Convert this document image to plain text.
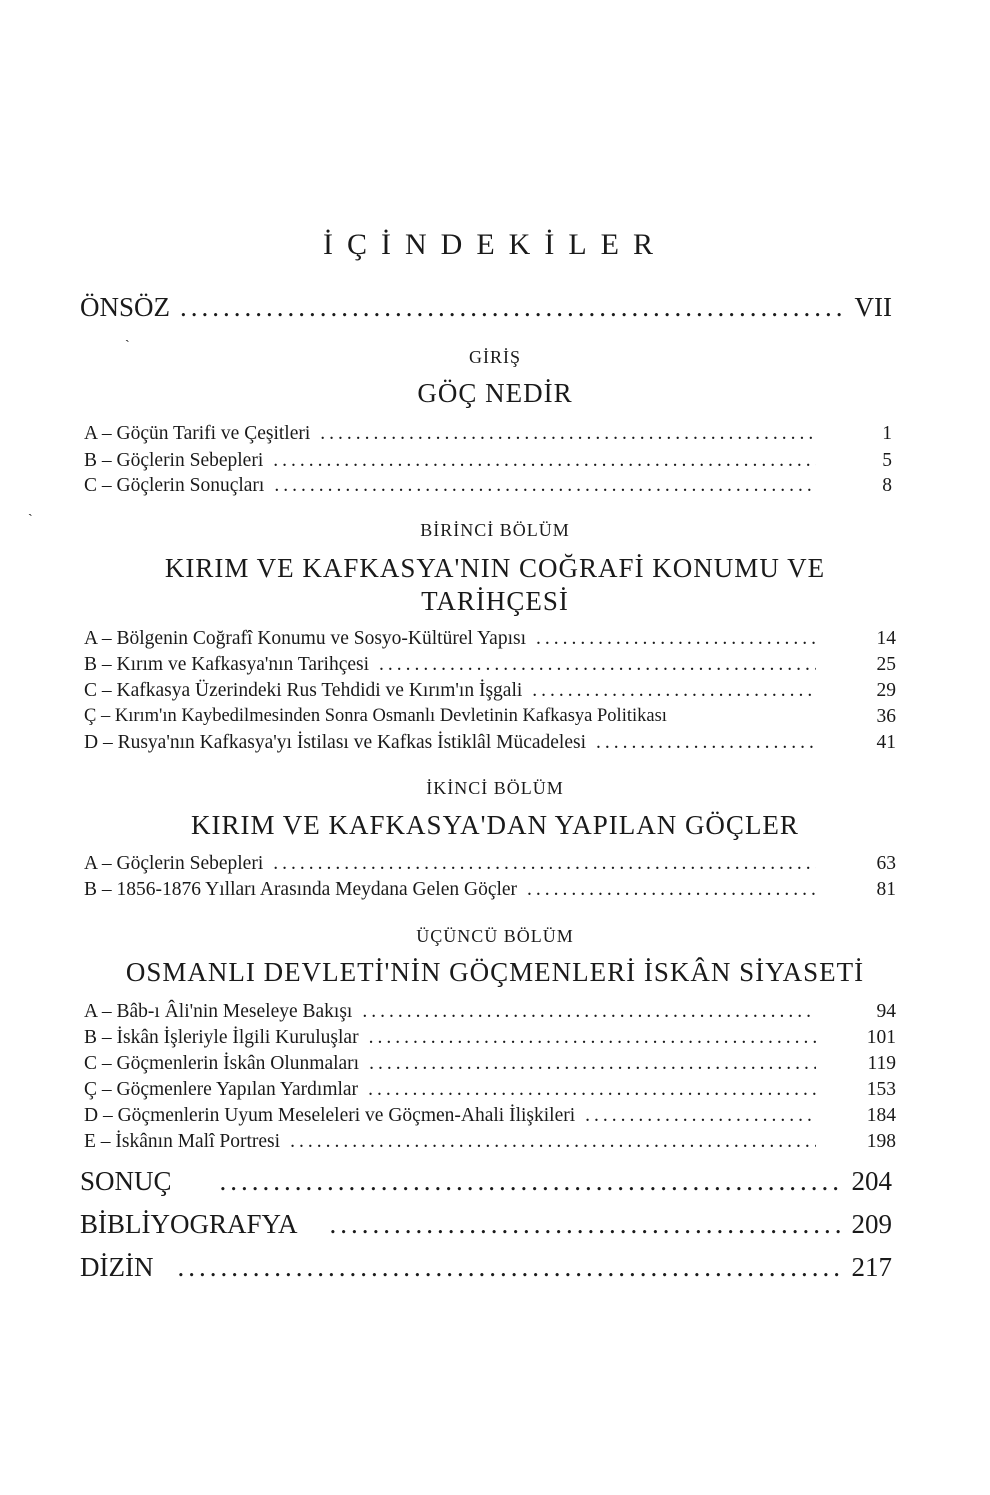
İÇİNDEKİLER
ÖNSÖZ .....	VII
ˏ
GİRİŞ
GÖÇ NEDİR
A – Göçün Tarifi ve Çeşitleri .....	1
B – Göçlerin Sebepleri .....	5
C – Göçlerin Sonuçları .....	8
ˎ
BİRİNCİ BÖLÜM
KIRIM VE KAFKASYA'NIN COĞRAFİ KONUMU VE
TARİHÇESİ
A – Bölgenin Coğrafî Konumu ve Sosyo-Kültürel Yapısı .....	14
B – Kırım ve Kafkasya'nın Tarihçesi .....	25
C – Kafkasya Üzerindeki Rus Tehdidi ve Kırım'ın İşgali .....	29
Ç – Kırım'ın Kaybedilmesinden Sonra Osmanlı Devletinin Kafkasya Politikası	36
D – Rusya'nın Kafkasya'yı İstilası ve Kafkas İstiklâl Mücadelesi .....	41
İKİNCİ BÖLÜM
KIRIM VE KAFKASYA'DAN YAPILAN GÖÇLER
A – Göçlerin Sebepleri .....	63
B – 1856-1876 Yılları Arasında Meydana Gelen Göçler .....	81
ÜÇÜNCÜ BÖLÜM
OSMANLI DEVLETİ'NİN GÖÇMENLERİ İSKÂN SİYASETİ
A – Bâb-ı Âli'nin Meseleye Bakışı .....	94
B – İskân İşleriyle İlgili Kuruluşlar .....	101
C – Göçmenlerin İskân Olunmaları .....	119
Ç – Göçmenlere Yapılan Yardımlar .....	153
D – Göçmenlerin Uyum Meseleleri ve Göçmen-Ahali İlişkileri .....	184
E – İskânın Malî Portresi .....	198
SONUÇ .....	204
BİBLİYOGRAFYA .....	209
DİZİN .....	217
